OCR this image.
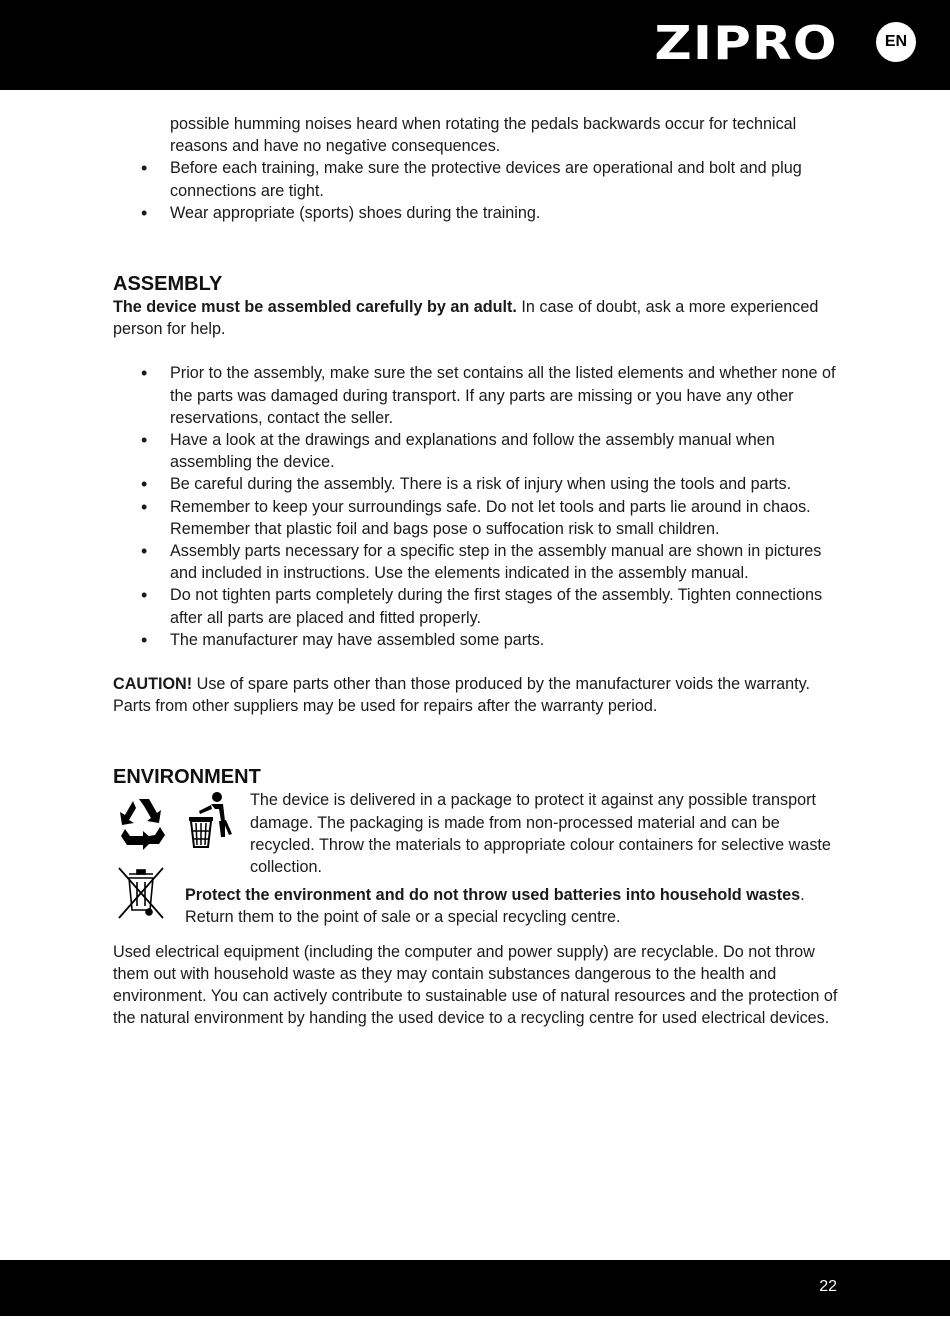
ZIPRO	EN
possible humming noises heard when rotating the pedals backwards occur for technical reasons and have no negative consequences.
• Before each training, make sure the protective devices are operational and bolt and plug connections are tight.
• Wear appropriate (sports) shoes during the training.
ASSEMBLY

The device must be assembled carefully by an adult. In case of doubt, ask a more experienced person for help.

• Prior to the assembly, make sure the set contains all the listed elements and whether none of the parts was damaged during transport. If any parts are missing or you have any other reservations, contact the seller.
• Have a look at the drawings and explanations and follow the assembly manual when assembling the device.
• Be careful during the assembly. There is a risk of injury when using the tools and parts.
• Remember to keep your surroundings safe. Do not let tools and parts lie around in chaos. Remember that plastic foil and bags pose o suffocation risk to small children.
• Assembly parts necessary for a specific step in the assembly manual are shown in pictures and included in instructions. Use the elements indicated in the assembly manual.
• Do not tighten parts completely during the first stages of the assembly. Tighten connections after all parts are placed and fitted properly.
• The manufacturer may have assembled some parts.

CAUTION! Use of spare parts other than those produced by the manufacturer voids the warranty. Parts from other suppliers may be used for repairs after the warranty period.

ENVIRONMENT

The device is delivered in a package to protect it against any possible transport damage. The packaging is made from non-processed material and can be recycled. Throw the materials to appropriate colour containers for selective waste collection.

Protect the environment and do not throw used batteries into household wastes.
Return them to the point of sale or a special recycling centre.

Used electrical equipment (including the computer and power supply) are recyclable. Do not throw them out with household waste as they may contain substances dangerous to the health and environment. You can actively contribute to sustainable use of natural resources and the protection of the natural environment by handing the used device to a recycling centre for used electrical devices.

22
